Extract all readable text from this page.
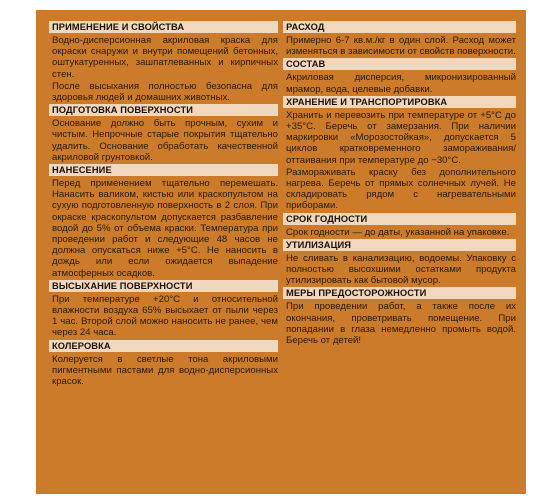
ПРИМЕНЕНИЕ И СВОЙСТВА
Водно-дисперсионная акриловая краска для окраски снаружи и внутри помещений бетонных, оштукатуренных, зашпатлеванных и кирпичных стен.
После высыхания полностью безопасна для здоровья людей и домашних животных.
ПОДГОТОВКА ПОВЕРХНОСТИ
Основание должно быть прочным, сухим и чистым. Непрочные старые покрытия тщательно удалить. Основание обработать качественной акриловой грунтовкой.
НАНЕСЕНИЕ
Перед применением тщательно перемешать. Нанасить валиком, кистью или краскопультом на сухую подготовленную поверхность в 2 слоя. При окраске краскопультом допускается разбавление водой до 5% от объема краски. Температура при проведении работ и следующие 48 часов не должна опускаться ниже +5°С. Не наносить в дождь или если ожидается выпадение атмосферных осадков.
ВЫСЫХАНИЕ ПОВЕРХНОСТИ
При температуре +20°С и относительной влажности воздуха 65% высыхает от пыли через 1 час. Второй слой можно наносить не ранее, чем через 24 часа.
КОЛЕРОВКА
Колеруется в светлые тона акриловыми пигментными пастами для водно-дисперсионных красок.
РАСХОД
Примерно 6-7 кв.м./кг в один слой. Расход может изменяться в зависимости от свойств поверхности.
СОСТАВ
Акриловая дисперсия, микронизированный мрамор, вода, целевые добавки.
ХРАНЕНИЕ И ТРАНСПОРТИРОВКА
Хранить и перевозить при температуре от +5°С до +35°С. Беречь от замерзания. При наличии маркировки «Морозостойкая», допускается 5 циклов кратковременного замораживания/оттаивания при температуре до −30°С.
Размораживать краску без дополнительного нагрева. Беречь от прямых солнечных лучей. Не складировать рядом с нагревательными приборами.
СРОК ГОДНОСТИ
Срок годности — до даты, указанной на упаковке.
УТИЛИЗАЦИЯ
Не сливать в канализацию, водоемы. Упаковку с полностью высохшими остатками продукта утилизировать как бытовой мусор.
МЕРЫ ПРЕДОСТОРОЖНОСТИ
При проведении работ, а также после их окончания, проветривать помещение. При попадании в глаза немедленно промыть водой. Беречь от детей!
